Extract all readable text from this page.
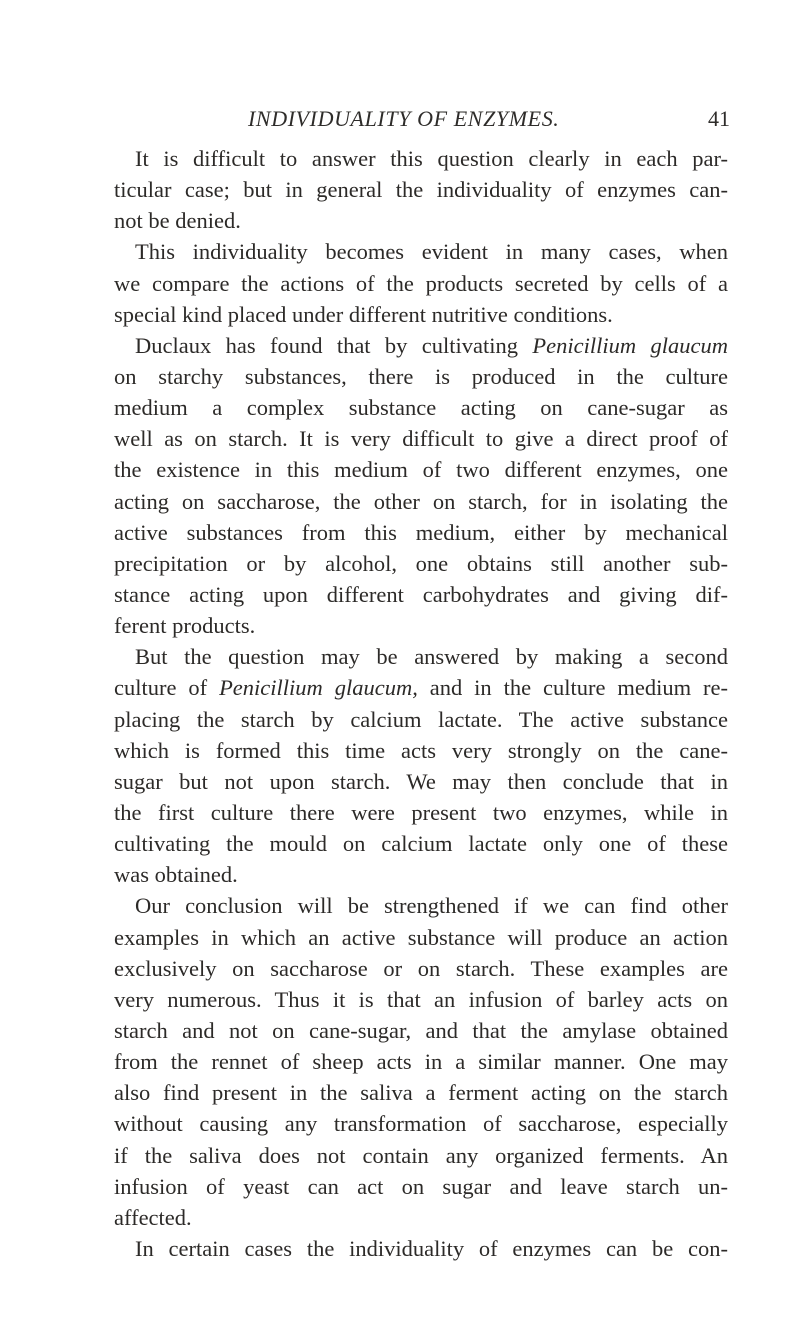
INDIVIDUALITY OF ENZYMES.	41
It is difficult to answer this question clearly in each par-
ticular case; but in general the individuality of enzymes can-
not be denied.
This individuality becomes evident in many cases, when
we compare the actions of the products secreted by cells of a
special kind placed under different nutritive conditions.
Duclaux has found that by cultivating Penicillium glaucum
on starchy substances, there is produced in the culture
medium a complex substance acting on cane-sugar as
well as on starch. It is very difficult to give a direct proof of
the existence in this medium of two different enzymes, one
acting on saccharose, the other on starch, for in isolating the
active substances from this medium, either by mechanical
precipitation or by alcohol, one obtains still another sub-
stance acting upon different carbohydrates and giving dif-
ferent products.
But the question may be answered by making a second
culture of Penicillium glaucum, and in the culture medium re-
placing the starch by calcium lactate. The active substance
which is formed this time acts very strongly on the cane-
sugar but not upon starch. We may then conclude that in
the first culture there were present two enzymes, while in
cultivating the mould on calcium lactate only one of these
was obtained.
Our conclusion will be strengthened if we can find other
examples in which an active substance will produce an action
exclusively on saccharose or on starch. These examples are
very numerous. Thus it is that an infusion of barley acts on
starch and not on cane-sugar, and that the amylase obtained
from the rennet of sheep acts in a similar manner. One may
also find present in the saliva a ferment acting on the starch
without causing any transformation of saccharose, especially
if the saliva does not contain any organized ferments. An
infusion of yeast can act on sugar and leave starch un-
affected.
In certain cases the individuality of enzymes can be con-
